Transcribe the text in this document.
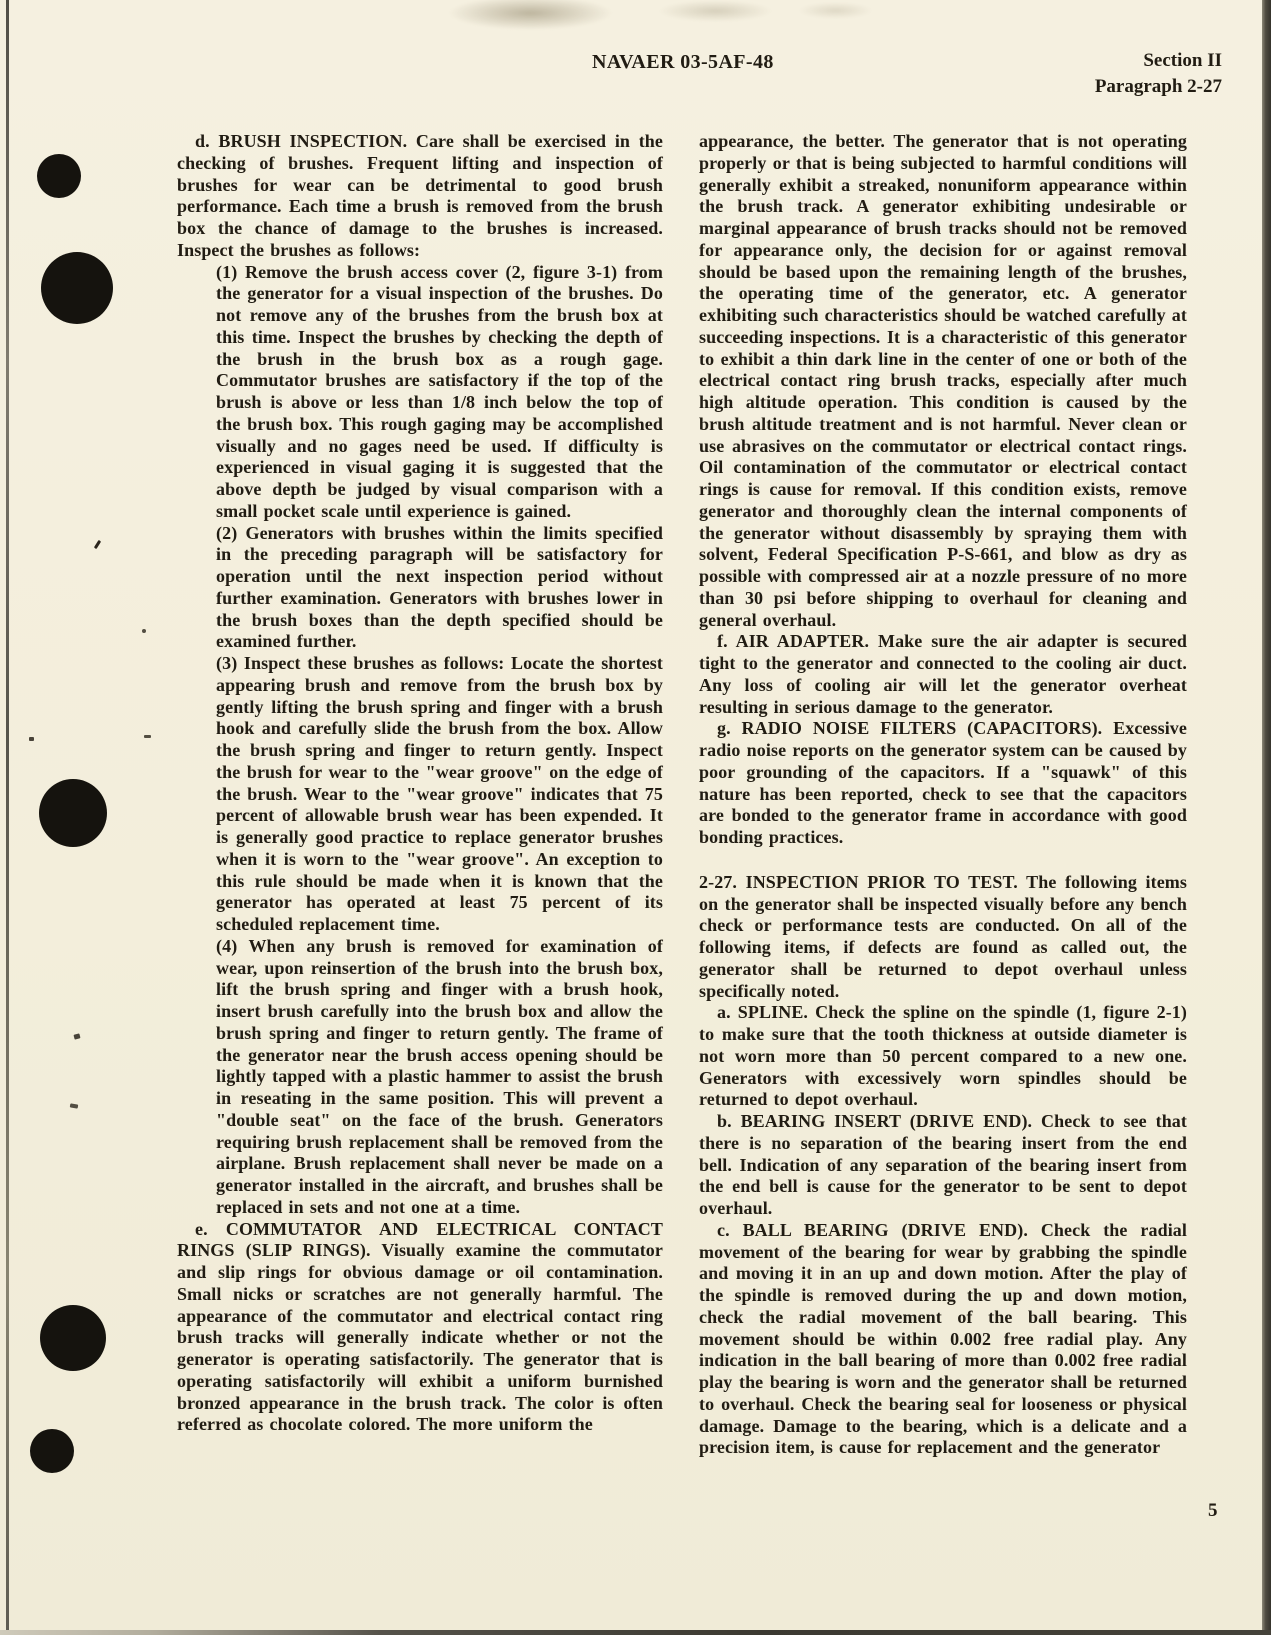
NAVAER 03-5AF-48	Section II
Paragraph 2-27

d. BRUSH INSPECTION. Care shall be exercised in the checking of brushes. Frequent lifting and inspection of brushes for wear can be detrimental to good brush performance. Each time a brush is removed from the brush box the chance of damage to the brushes is increased. Inspect the brushes as follows:

(1) Remove the brush access cover (2, figure 3-1) from the generator for a visual inspection of the brushes. Do not remove any of the brushes from the brush box at this time. Inspect the brushes by checking the depth of the brush in the brush box as a rough gage. Commutator brushes are satisfactory if the top of the brush is above or less than 1/8 inch below the top of the brush box. This rough gaging may be accomplished visually and no gages need be used. If difficulty is experienced in visual gaging it is suggested that the above depth be judged by visual comparison with a small pocket scale until experience is gained.

(2) Generators with brushes within the limits specified in the preceding paragraph will be satisfactory for operation until the next inspection period without further examination. Generators with brushes lower in the brush boxes than the depth specified should be examined further.

(3) Inspect these brushes as follows: Locate the shortest appearing brush and remove from the brush box by gently lifting the brush spring and finger with a brush hook and carefully slide the brush from the box. Allow the brush spring and finger to return gently. Inspect the brush for wear to the "wear groove" on the edge of the brush. Wear to the "wear groove" indicates that 75 percent of allowable brush wear has been expended. It is generally good practice to replace generator brushes when it is worn to the "wear groove". An exception to this rule should be made when it is known that the generator has operated at least 75 percent of its scheduled replacement time.

(4) When any brush is removed for examination of wear, upon reinsertion of the brush into the brush box, lift the brush spring and finger with a brush hook, insert brush carefully into the brush box and allow the brush spring and finger to return gently. The frame of the generator near the brush access opening should be lightly tapped with a plastic hammer to assist the brush in reseating in the same position. This will prevent a "double seat" on the face of the brush. Generators requiring brush replacement shall be removed from the airplane. Brush replacement shall never be made on a generator installed in the aircraft, and brushes shall be replaced in sets and not one at a time.

e. COMMUTATOR AND ELECTRICAL CONTACT RINGS (SLIP RINGS). Visually examine the commutator and slip rings for obvious damage or oil contamination. Small nicks or scratches are not generally harmful. The appearance of the commutator and electrical contact ring brush tracks will generally indicate whether or not the generator is operating satisfactorily. The generator that is operating satisfactorily will exhibit a uniform burnished bronzed appearance in the brush track. The color is often referred as chocolate colored. The more uniform the

appearance, the better. The generator that is not operating properly or that is being subjected to harmful conditions will generally exhibit a streaked, nonuniform appearance within the brush track. A generator exhibiting undesirable or marginal appearance of brush tracks should not be removed for appearance only, the decision for or against removal should be based upon the remaining length of the brushes, the operating time of the generator, etc. A generator exhibiting such characteristics should be watched carefully at succeeding inspections. It is a characteristic of this generator to exhibit a thin dark line in the center of one or both of the electrical contact ring brush tracks, especially after much high altitude operation. This condition is caused by the brush altitude treatment and is not harmful. Never clean or use abrasives on the commutator or electrical contact rings. Oil contamination of the commutator or electrical contact rings is cause for removal. If this condition exists, remove generator and thoroughly clean the internal components of the generator without disassembly by spraying them with solvent, Federal Specification P-S-661, and blow as dry as possible with compressed air at a nozzle pressure of no more than 30 psi before shipping to overhaul for cleaning and general overhaul.

f. AIR ADAPTER. Make sure the air adapter is secured tight to the generator and connected to the cooling air duct. Any loss of cooling air will let the generator overheat resulting in serious damage to the generator.

g. RADIO NOISE FILTERS (CAPACITORS). Excessive radio noise reports on the generator system can be caused by poor grounding of the capacitors. If a "squawk" of this nature has been reported, check to see that the capacitors are bonded to the generator frame in accordance with good bonding practices.

2-27. INSPECTION PRIOR TO TEST. The following items on the generator shall be inspected visually before any bench check or performance tests are conducted. On all of the following items, if defects are found as called out, the generator shall be returned to depot overhaul unless specifically noted.

a. SPLINE. Check the spline on the spindle (1, figure 2-1) to make sure that the tooth thickness at outside diameter is not worn more than 50 percent compared to a new one. Generators with excessively worn spindles should be returned to depot overhaul.

b. BEARING INSERT (DRIVE END). Check to see that there is no separation of the bearing insert from the end bell. Indication of any separation of the bearing insert from the end bell is cause for the generator to be sent to depot overhaul.

c. BALL BEARING (DRIVE END). Check the radial movement of the bearing for wear by grabbing the spindle and moving it in an up and down motion. After the play of the spindle is removed during the up and down motion, check the radial movement of the ball bearing. This movement should be within 0.002 free radial play. Any indication in the ball bearing of more than 0.002 free radial play the bearing is worn and the generator shall be returned to overhaul. Check the bearing seal for looseness or physical damage. Damage to the bearing, which is a delicate and a precision item, is cause for replacement and the generator

5
